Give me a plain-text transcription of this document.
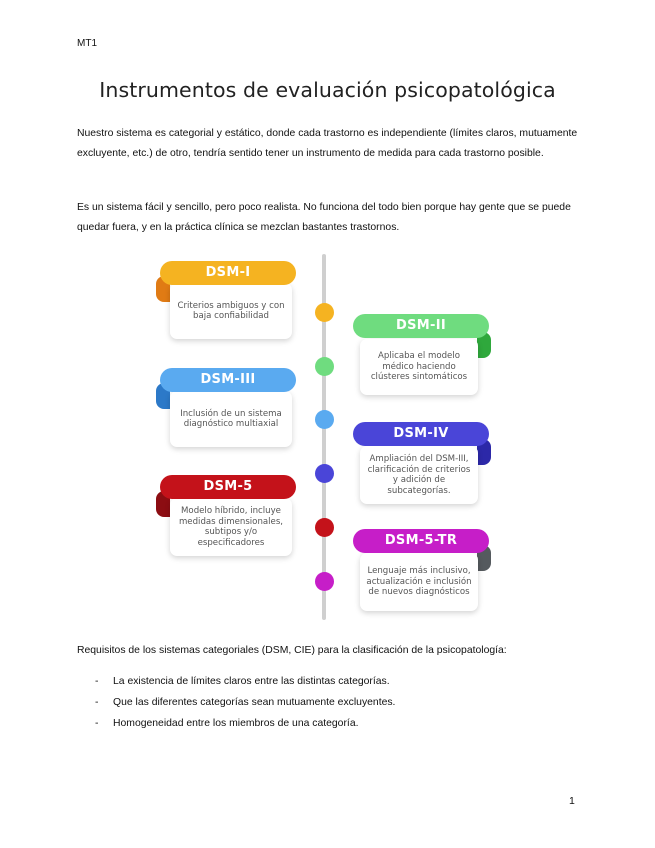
MT1
Instrumentos de evaluación psicopatológica
Nuestro sistema es categorial y estático, donde cada trastorno es independiente (límites claros, mutuamente excluyente, etc.) de otro, tendría sentido tener un instrumento de medida para cada trastorno posible.
Es un sistema fácil y sencillo, pero poco realista. No funciona del todo bien porque hay gente que se puede quedar fuera, y en la práctica clínica se mezclan bastantes trastornos.
Criterios ambiguos y con baja confiabilidad
DSM-I
Aplicaba el modelo médico haciendo clústeres sintomáticos
DSM-II
Inclusión de un sistema diagnóstico multiaxial
DSM-III
Ampliación del DSM-III, clarificación de criterios y adición de subcategorías.
DSM-IV
Modelo híbrido, incluye medidas dimensionales, subtipos y/o especificadores
DSM-5
Lenguaje más inclusivo, actualización e inclusión de nuevos diagnósticos
DSM-5-TR
Requisitos de los sistemas categoriales (DSM, CIE) para la clasificación de la psicopatología:
- La existencia de límites claros entre las distintas categorías.
- Que las diferentes categorías sean mutuamente excluyentes.
- Homogeneidad entre los miembros de una categoría.
1
